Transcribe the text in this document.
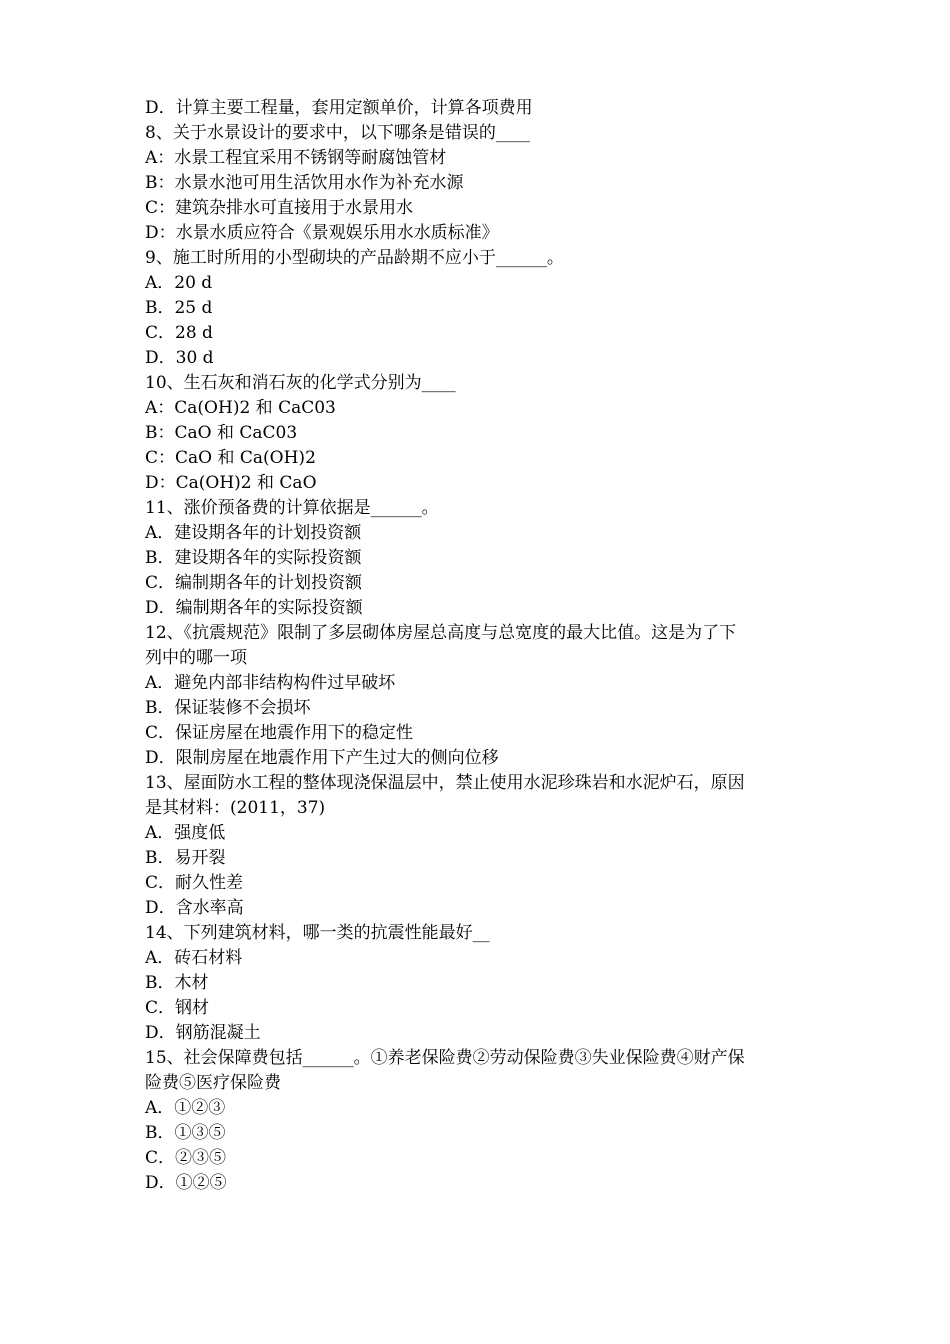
D．计算主要工程量，套用定额单价，计算各项费用
8、关于水景设计的要求中，以下哪条是错误的____
A：水景工程宜采用不锈钢等耐腐蚀管材
B：水景水池可用生活饮用水作为补充水源
C：建筑杂排水可直接用于水景用水
D：水景水质应符合《景观娱乐用水水质标准》
9、施工时所用的小型砌块的产品龄期不应小于______。
A．20 d
B．25 d
C．28 d
D．30 d
10、生石灰和消石灰的化学式分别为____
A：Ca(OH)2 和 CaC03
B：CaO 和 CaC03
C：CaO 和 Ca(OH)2
D：Ca(OH)2 和 CaO
11、涨价预备费的计算依据是______。
A．建设期各年的计划投资额
B．建设期各年的实际投资额
C．编制期各年的计划投资额
D．编制期各年的实际投资额
12、《抗震规范》限制了多层砌体房屋总高度与总宽度的最大比值。这是为了下
列中的哪一项
A．避免内部非结构构件过早破坏
B．保证装修不会损坏
C．保证房屋在地震作用下的稳定性
D．限制房屋在地震作用下产生过大的侧向位移
13、屋面防水工程的整体现浇保温层中，禁止使用水泥珍珠岩和水泥炉石，原因
是其材料：(2011，37)
A．强度低
B．易开裂
C．耐久性差
D．含水率高
14、下列建筑材料，哪一类的抗震性能最好__
A．砖石材料
B．木材
C．钢材
D．钢筋混凝土
15、社会保障费包括______。①养老保险费②劳动保险费③失业保险费④财产保
险费⑤医疗保险费
A．①②③
B．①③⑤
C．②③⑤
D．①②⑤
